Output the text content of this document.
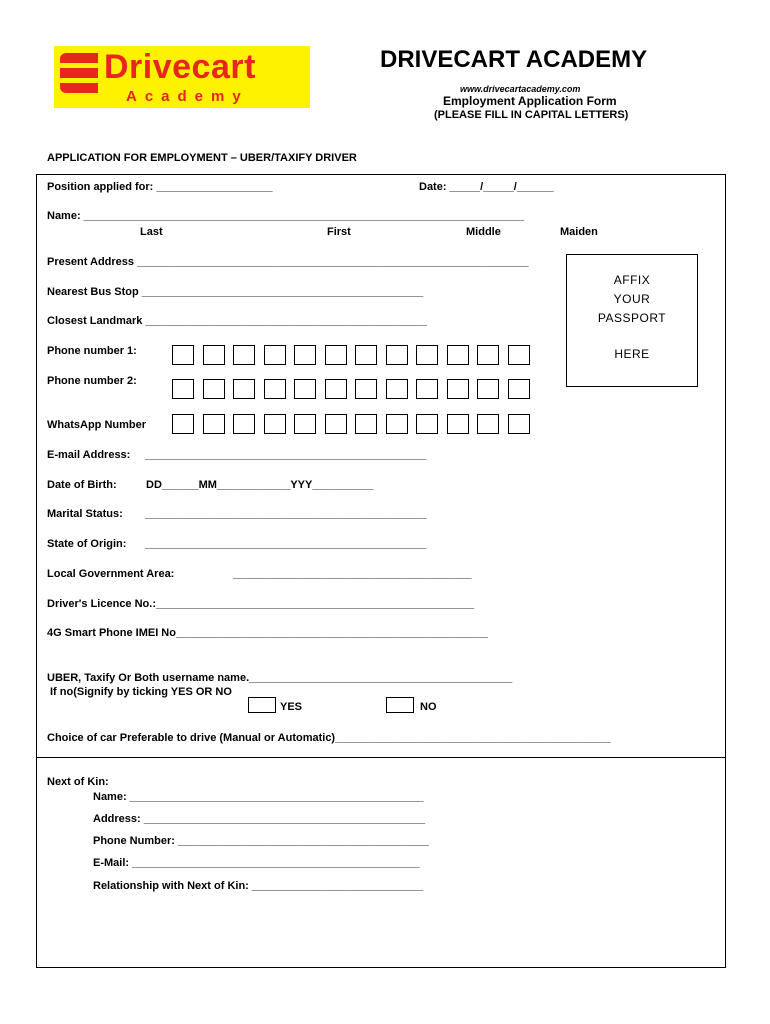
Drivecart
Academy
DRIVECART ACADEMY
www.drivecartacademy.com
Employment Application Form
(PLEASE FILL IN CAPITAL LETTERS)
APPLICATION FOR EMPLOYMENT – UBER/TAXIFY DRIVER
Position applied for: ___________________	Date: _____/_____/______
Name: ________________________________________________________________________
Last	First	Middle	Maiden
Present Address ________________________________________________________________
Nearest Bus Stop ______________________________________________
Closest Landmark ______________________________________________
AFFIX
YOUR
PASSPORT
HERE
Phone number 1:
Phone number 2:
WhatsApp Number
E-mail Address: ______________________________________________
Date of Birth:	DD______MM____________YYY__________
Marital Status: ______________________________________________
State of Origin: ______________________________________________
Local Government Area:	_______________________________________
Driver's Licence No.:____________________________________________________
4G Smart Phone IMEI No___________________________________________________
UBER, Taxify Or Both username name.___________________________________________
If no(Signify by ticking YES OR NO
YES	NO
Choice of car Preferable to drive (Manual or Automatic)_____________________________________________
Next of Kin:
Name: ________________________________________________
Address: ______________________________________________
Phone Number: _________________________________________
E-Mail: _______________________________________________
Relationship with Next of Kin: ____________________________
